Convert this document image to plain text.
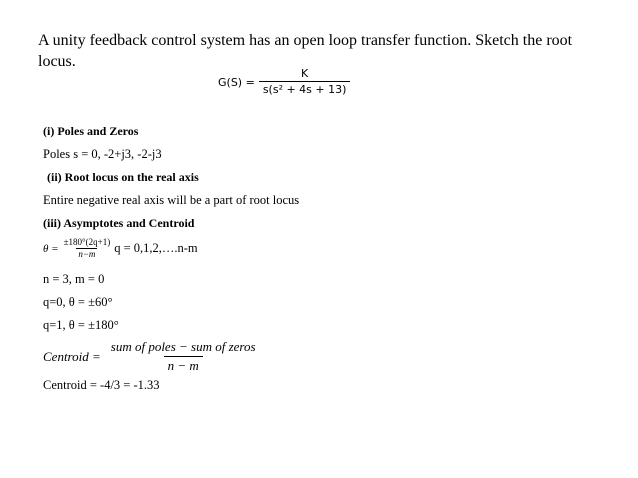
A unity feedback control system has an open loop transfer function. Sketch the root locus.
$G(S) = \frac{K}{\text{s(s² + 4s + 13)}}$
(i) Poles and Zeros
Poles s = 0, -2+j3, -2-j3
(ii) Root locus on the real axis
Entire negative real axis will be a part of root locus
(iii) Asymptotes and Centroid
$\theta = \frac{\pm 180^\circ(2q+1)}{n-m}$ q = 0,1,2,….n-m
n = 3, m = 0
q=0, θ = ±60°
q=1, θ = ±180°
Centroid = $\frac{\text{sum of poles − sum of zeros}}{n - m}$
Centroid = -4/3 = -1.33
